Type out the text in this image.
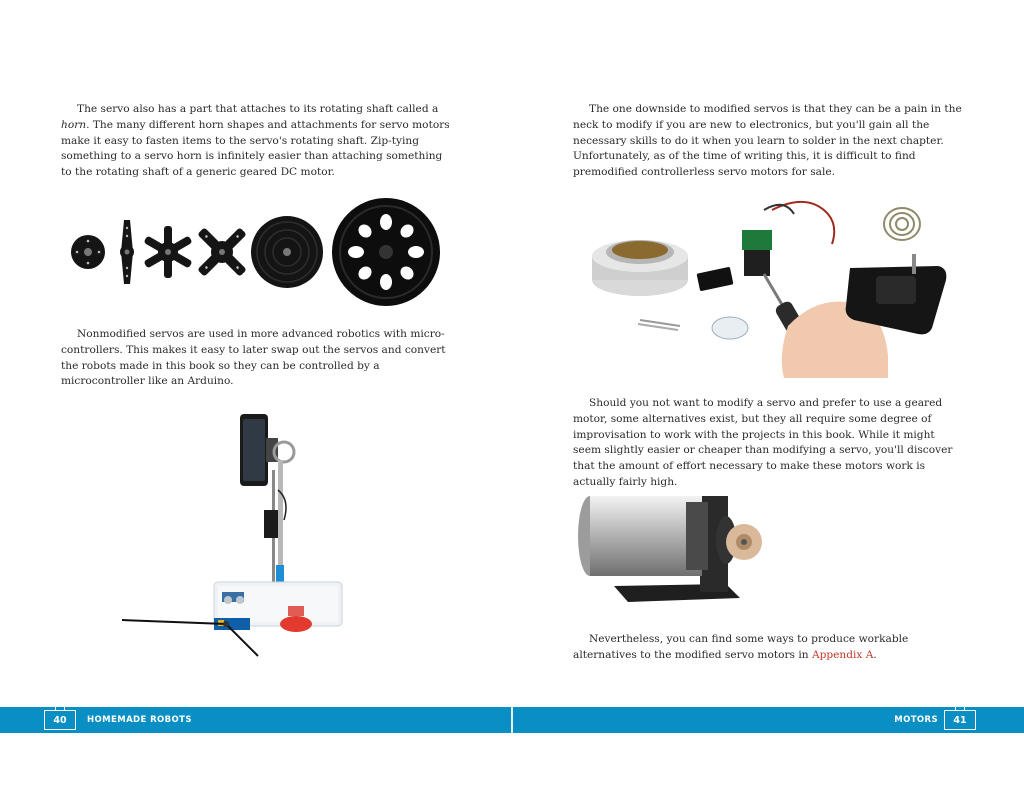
The servo also has a part that attaches to its rotating shaft called a horn. The many different horn shapes and attachments for servo motors make it easy to fasten items to the servo's rotating shaft. Zip-tying something to a servo horn is infinitely easier than attaching something to the rotating shaft of a generic geared DC motor.
Nonmodified servos are used in more advanced robotics with microcontrollers. This makes it easy to later swap out the servos and convert the robots made in this book so they can be controlled by a microcontroller like an Arduino.
The one downside to modified servos is that they can be a pain in the neck to modify if you are new to electronics, but you'll gain all the necessary skills to do it when you learn to solder in the next chapter. Unfortunately, as of the time of writing this, it is difficult to find premodified controllerless servo motors for sale.
Should you not want to modify a servo and prefer to use a geared motor, some alternatives exist, but they all require some degree of improvisation to work with the projects in this book. While it might seem slightly easier or cheaper than modifying a servo, you'll discover that the amount of effort necessary to make these motors work is actually fairly high.
Nevertheless, you can find some ways to produce workable alternatives to the modified servo motors in Appendix A.
40 HOMEMADE ROBOTS	MOTORS 41
